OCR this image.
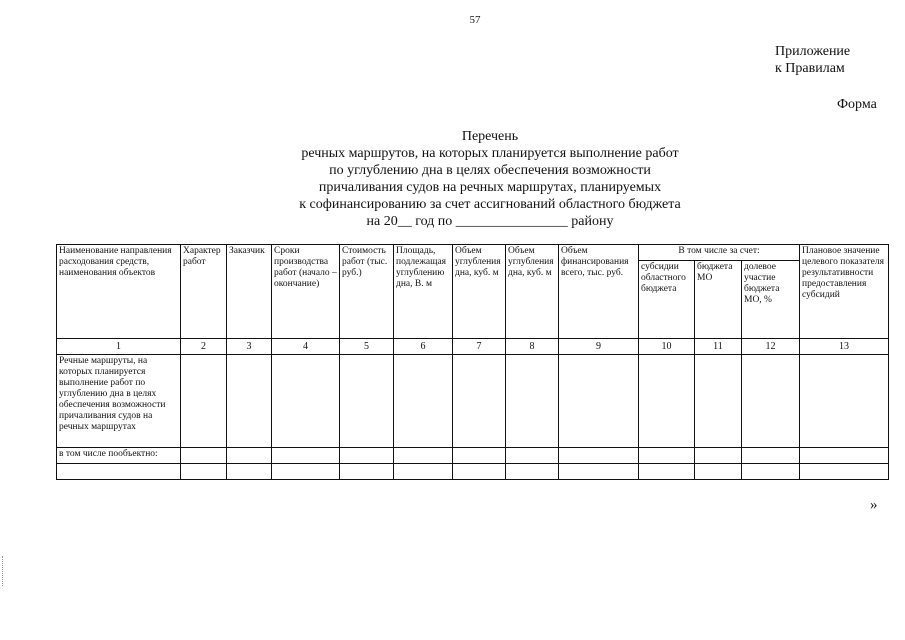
57
Приложение
к Правилам
Форма
Перечень
речных маршрутов, на которых планируется выполнение работ
по углублению дна в целях обеспечения возможности
причаливания судов на речных маршрутах, планируемых
к софинансированию за счет ассигнований областного бюджета
на 20__ год по ________________ району
Наименование направления расходования средств, наименования объектов	Характер работ	Заказчик	Сроки производства работ (начало – окончание)	Стоимость работ (тыс. руб.)	Площадь, подлежащая углублению дна, В. м	Объем углубления дна, куб. м	Объем углубления дна, куб. м	Объем финансирования всего, тыс. руб.	В том числе за счет:			Плановое значение целевого показателя результативности предоставления субсидий
									субсидии областного бюджета	бюджета МО	долевое участие бюджета МО, %	
1	2	3	4	5	6	7	8	9	10	11	12	13
Речные маршруты, на которых планируется выполнение работ по углублению дна в целях обеспечения возможности причаливания судов на речных маршрутах												
в том числе пообъектно:												

»
